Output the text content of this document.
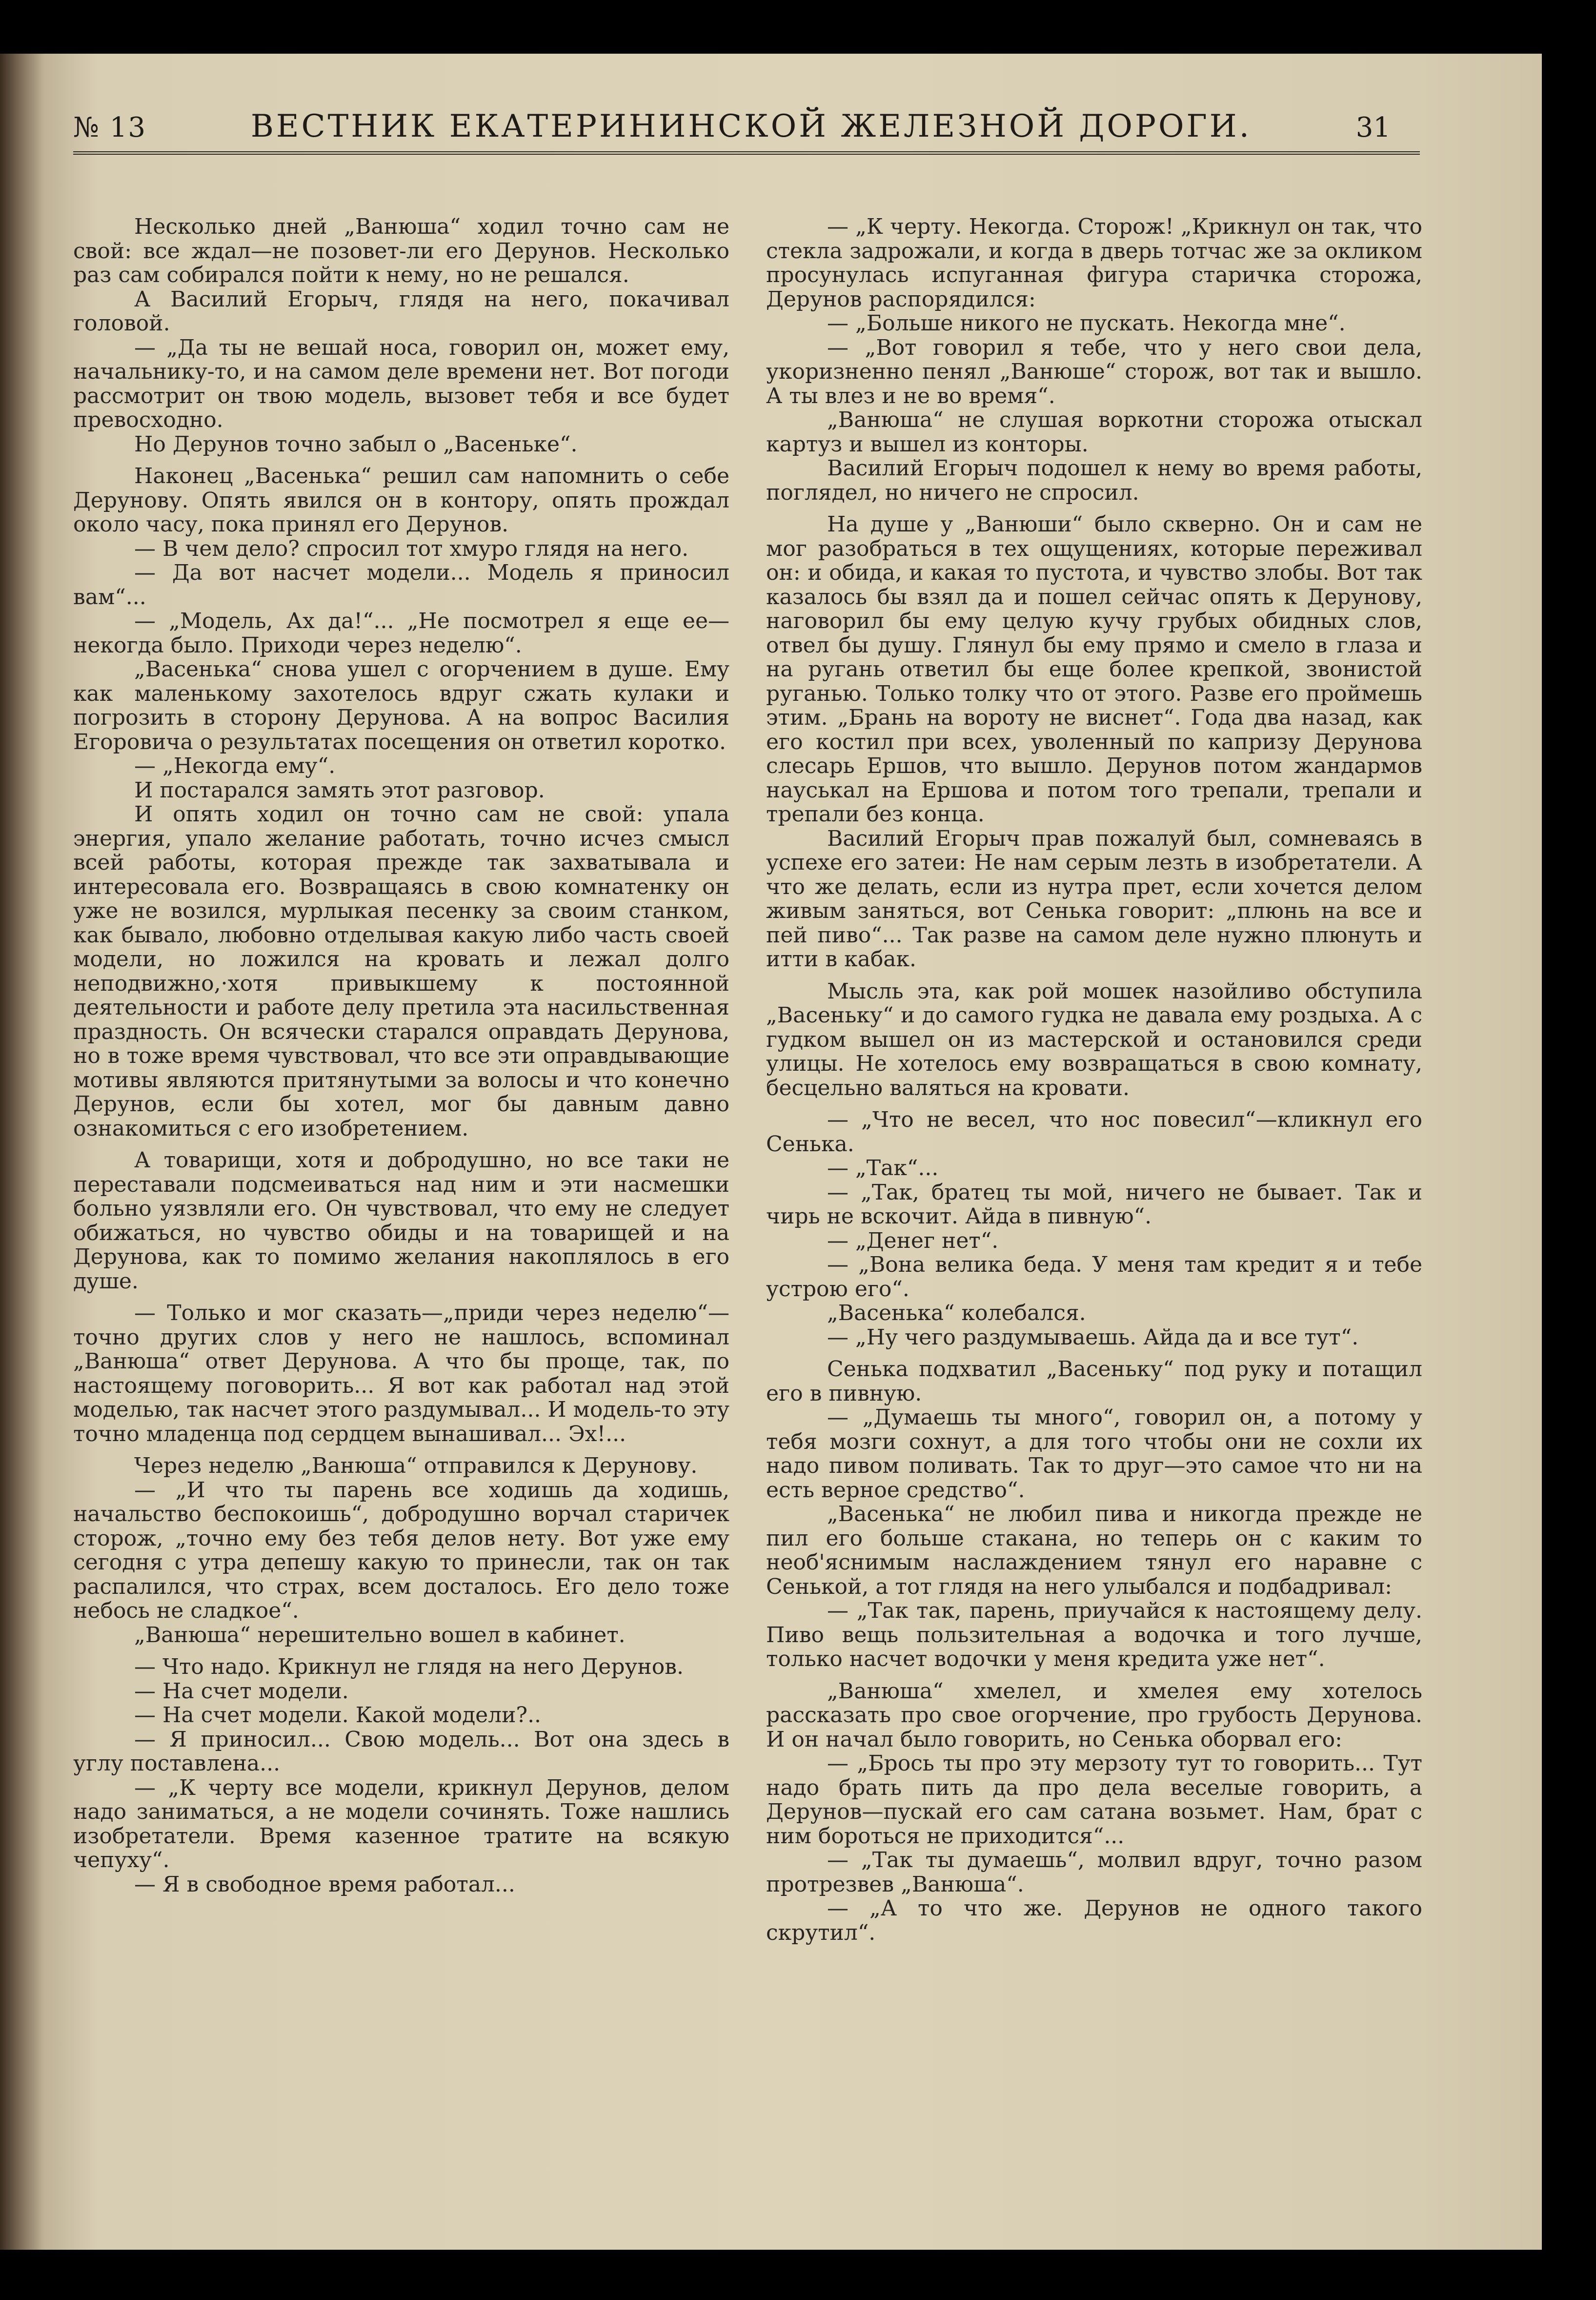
№ 13	ВЕСТНИК ЕКАТЕРИНИНСКОЙ ЖЕЛЕЗНОЙ ДОРОГИ.	31

Несколько дней „Ванюша“ ходил точно сам не свой: все ждал—не позовет-ли его Дерунов. Несколько раз сам собирался пойти к нему, но не решался.

А Василий Егорыч, глядя на него, покачивал головой.

— „Да ты не вешай носа, говорил он, может ему, начальнику-то, и на самом деле времени нет. Вот погоди рассмотрит он твою модель, вызовет тебя и все будет превосходно.

Но Дерунов точно забыл о „Васеньке“.

Наконец „Васенька“ решил сам напомнить о себе Дерунову. Опять явился он в контору, опять прождал около часу, пока принял его Дерунов.

— В чем дело? спросил тот хмуро глядя на него.

— Да вот насчет модели... Модель я приносил вам“...

— „Модель, Ах да!“... „Не посмотрел я еще ее—некогда было. Приходи через неделю“.

„Васенька“ снова ушел с огорчением в душе. Ему как маленькому захотелось вдруг сжать кулаки и погрозить в сторону Дерунова. А на вопрос Василия Егоровича о результатах посещения он ответил коротко.

— „Некогда ему“.

И постарался замять этот разговор.

И опять ходил он точно сам не свой: упала энергия, упало желание работать, точно исчез смысл всей работы, которая прежде так захватывала и интересовала его. Возвращаясь в свою комнатенку он уже не возился, мурлыкая песенку за своим станком, как бывало, любовно отделывая какую либо часть своей модели, но ложился на кровать и лежал долго неподвижно,·хотя привыкшему к постоянной деятельности и работе делу претила эта насильственная праздность. Он всячески старался оправдать Дерунова, но в тоже время чувствовал, что все эти оправдывающие мотивы являются притянутыми за волосы и что конечно Дерунов, если бы хотел, мог бы давным давно ознакомиться с его изобретением.

А товарищи, хотя и добродушно, но все таки не переставали подсмеиваться над ним и эти насмешки больно уязвляли его. Он чувствовал, что ему не следует обижаться, но чувство обиды и на товарищей и на Дерунова, как то помимо желания накоплялось в его душе.

— Только и мог сказать—„приди через неделю“—точно других слов у него не нашлось, вспоминал „Ванюша“ ответ Дерунова. А что бы проще, так, по настоящему поговорить... Я вот как работал над этой моделью, так насчет этого раздумывал... И модель-то эту точно младенца под сердцем вынашивал... Эх!...

Через неделю „Ванюша“ отправился к Дерунову.

— „И что ты парень все ходишь да ходишь, начальство беспокоишь“, добродушно ворчал старичек сторож, „точно ему без тебя делов нету. Вот уже ему сегодня с утра депешу какую то принесли, так он так распалился, что страх, всем досталось. Его дело тоже небось не сладкое“.

„Ванюша“ нерешительно вошел в кабинет.

— Что надо. Крикнул не глядя на него Дерунов.

— На счет модели.

— На счет модели. Какой модели?..

— Я приносил... Свою модель... Вот она здесь в углу поставлена...

— „К черту все модели, крикнул Дерунов, делом надо заниматься, а не модели сочинять. Тоже нашлись изобретатели. Время казенное тратите на всякую чепуху“.

— Я в свободное время работал...

— „К черту. Некогда. Сторож! „Крикнул он так, что стекла задрожали, и когда в дверь тотчас же за окликом просунулась испуганная фигура старичка сторожа, Дерунов распорядился:

— „Больше никого не пускать. Некогда мне“.

— „Вот говорил я тебе, что у него свои дела, укоризненно пенял „Ванюше“ сторож, вот так и вышло. А ты влез и не во время“.

„Ванюша“ не слушая воркотни сторожа отыскал картуз и вышел из конторы.

Василий Егорыч подошел к нему во время работы, поглядел, но ничего не спросил.

На душе у „Ванюши“ было скверно. Он и сам не мог разобраться в тех ощущениях, которые переживал он: и обида, и какая то пустота, и чувство злобы. Вот так казалось бы взял да и пошел сейчас опять к Дерунову, наговорил бы ему целую кучу грубых обидных слов, отвел бы душу. Глянул бы ему прямо и смело в глаза и на ругань ответил бы еще более крепкой, звонистой руганью. Только толку что от этого. Разве его проймешь этим. „Брань на вороту не виснет“. Года два назад, как его костил при всех, уволенный по капризу Дерунова слесарь Ершов, что вышло. Дерунов потом жандармов науськал на Ершова и потом того трепали, трепали и трепали без конца.

Василий Егорыч прав пожалуй был, сомневаясь в успехе его затеи: Не нам серым лезть в изобретатели. А что же делать, если из нутра прет, если хочется делом живым заняться, вот Сенька говорит: „плюнь на все и пей пиво“... Так разве на самом деле нужно плюнуть и итти в кабак.

Мысль эта, как рой мошек назойливо обступила „Васеньку“ и до самого гудка не давала ему роздыха. А с гудком вышел он из мастерской и остановился среди улицы. Не хотелось ему возвращаться в свою комнату, бесцельно валяться на кровати.

— „Что не весел, что нос повесил“—кликнул его Сенька.

— „Так“...

— „Так, братец ты мой, ничего не бывает. Так и чирь не вскочит. Айда в пивную“.

— „Денег нет“.

— „Вона велика беда. У меня там кредит я и тебе устрою его“.

„Васенька“ колебался.

— „Ну чего раздумываешь. Айда да и все тут“.

Сенька подхватил „Васеньку“ под руку и потащил его в пивную.

— „Думаешь ты много“, говорил он, а потому у тебя мозги сохнут, а для того чтобы они не сохли их надо пивом поливать. Так то друг—это самое что ни на есть верное средство“.

„Васенька“ не любил пива и никогда прежде не пил его больше стакана, но теперь он с каким то необ'яснимым наслаждением тянул его наравне с Сенькой, а тот глядя на него улыбался и подбадривал:

— „Так так, парень, приучайся к настоящему делу. Пиво вещь пользительная а водочка и того лучше, только насчет водочки у меня кредита уже нет“.

„Ванюша“ хмелел, и хмелея ему хотелось рассказать про свое огорчение, про грубость Дерунова. И он начал было говорить, но Сенька оборвал его:

— „Брось ты про эту мерзоту тут то говорить... Тут надо брать пить да про дела веселые говорить, а Дерунов—пускай его сам сатана возьмет. Нам, брат с ним бороться не приходится“...

— „Так ты думаешь“, молвил вдруг, точно разом протрезвев „Ванюша“.

— „А то что же. Дерунов не одного такого скрутил“.
